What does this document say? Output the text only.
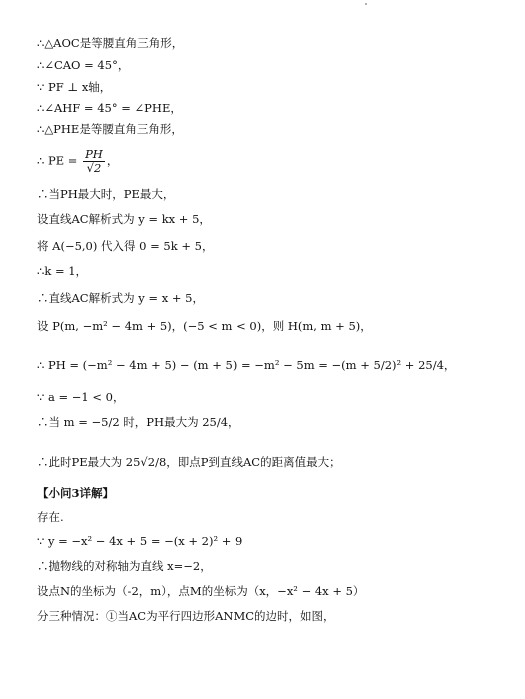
∴△AOC是等腰直角三角形，
∴∠CAO = 45°，
∵ PF ⊥ x轴，
∴∠AHF = 45° = ∠PHE，
∴△PHE是等腰直角三角形，
∴ PE = $\frac{PH}{√2}$ ，
∴当PH最大时，PE最大，
设直线AC解析式为 y = kx + 5，
将 A(−5,0) 代入得 0 = 5k + 5，
∴k = 1，
∴直线AC解析式为 y = x + 5，
设 P(m, −m² − 4m + 5)，(−5 < m < 0)，则 H(m, m + 5)，
∴ PH = (−m² − 4m + 5) − (m + 5) = −m² − 5m = −(m + 5/2)² + 25/4，
∵ a = −1 < 0，
∴当 m = −5/2 时，PH最大为 25/4，
∴此时PE最大为 25√2/8，即点P到直线AC的距离值最大；
【小问3详解】
存在.
∵ y = −x² − 4x + 5 = −(x + 2)² + 9
∴抛物线的对称轴为直线 x=−2，
设点N的坐标为（-2，m），点M的坐标为（x，−x² − 4x + 5）
分三种情况：①当AC为平行四边形ANMC的边时，如图，
